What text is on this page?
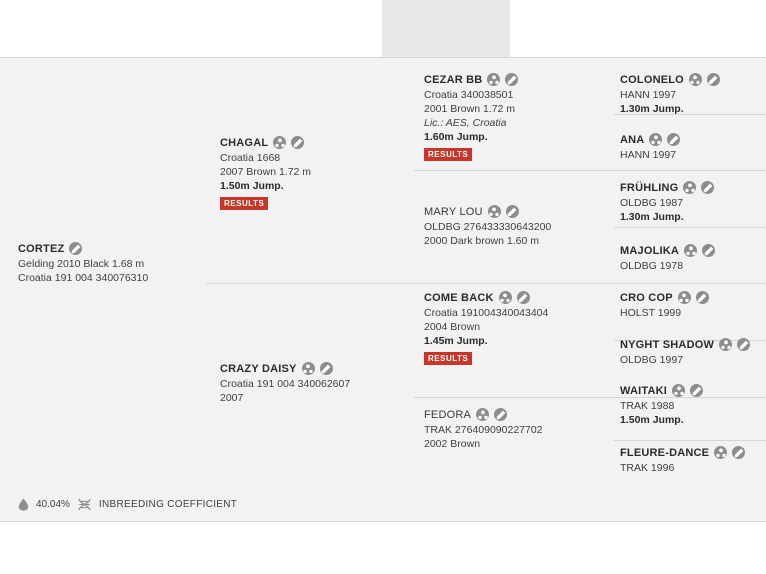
CORTEZ
Gelding 2010 Black 1.68 m
Croatia 191 004 340076310
CHAGAL
Croatia 1668
2007 Brown 1.72 m
1.50m Jump.
RESULTS
CRAZY DAISY
Croatia 191 004 340062607
2007
CEZAR BB
Croatia 340038501
2001 Brown 1.72 m
Lic.: AES, Croatia
1.60m Jump.
RESULTS
MARY LOU
OLDBG 276433330643200
2000 Dark brown 1.60 m
COME BACK
Croatia 191004340043404
2004 Brown
1.45m Jump.
RESULTS
FEDORA
TRAK 276409090227702
2002 Brown
COLONELO
HANN 1997
1.30m Jump.
ANA
HANN 1997
FRÜHLING
OLDBG 1987
1.30m Jump.
MAJOLIKA
OLDBG 1978
CRO COP
HOLST 1999
NYGHT SHADOW
OLDBG 1997
WAITAKI
TRAK 1988
1.50m Jump.
FLEURE-DANCE
TRAK 1996
40.04%	INBREEDING COEFFICIENT
